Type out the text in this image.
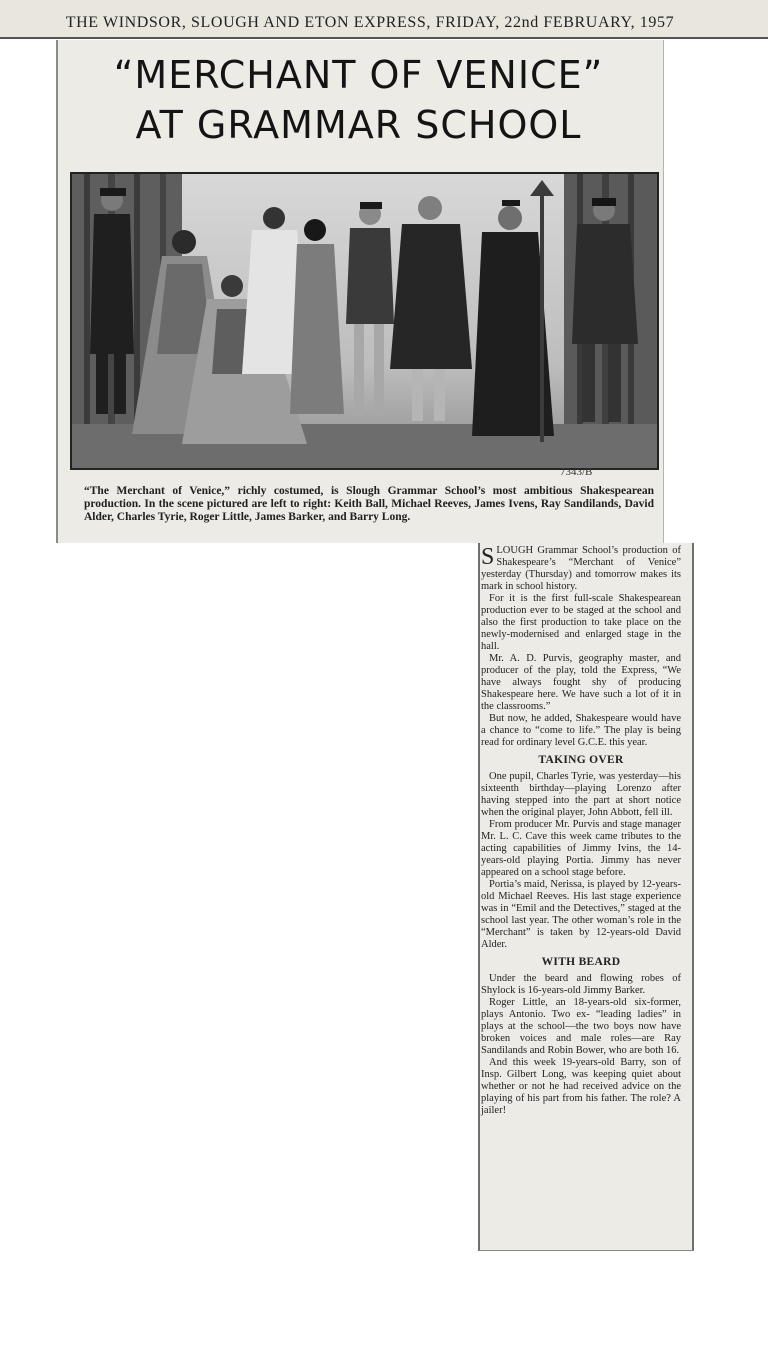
THE WINDSOR, SLOUGH AND ETON EXPRESS, FRIDAY, 22nd FEBRUARY, 1957
“MERCHANT OF VENICE”
AT GRAMMAR SCHOOL
7343/B
“The Merchant of Venice,” richly costumed, is Slough Grammar School’s most ambitious Shakespearean production. In the scene pictured are left to right: Keith Ball, Michael Reeves, James Ivens, Ray Sandilands, David Alder, Charles Tyrie, Roger Little, James Barker, and Barry Long.

SLOUGH Grammar School’s production of Shakespeare’s “Merchant of Venice” yesterday (Thursday) and tomorrow makes its mark in school history.

For it is the first full-scale Shakespearean production ever to be staged at the school and also the first production to take place on the newly-modernised and enlarged stage in the hall.

Mr. A. D. Purvis, geography master, and producer of the play, told the Express, “We have always fought shy of producing Shakespeare here. We have such a lot of it in the classrooms.”

But now, he added, Shakespeare would have a chance to “come to life.” The play is being read for ordinary level G.C.E. this year.

TAKING OVER

One pupil, Charles Tyrie, was yesterday—his sixteenth birthday—playing Lorenzo after having stepped into the part at short notice when the original player, John Abbott, fell ill.

From producer Mr. Purvis and stage manager Mr. L. C. Cave this week came tributes to the acting capabilities of Jimmy Ivins, the 14-years-old playing Portia. Jimmy has never appeared on a school stage before.

Portia’s maid, Nerissa, is played by 12-years-old Michael Reeves. His last stage experience was in “Emil and the Detectives,” staged at the school last year. The other woman’s role in the “Merchant” is taken by 12-years-old David Alder.

WITH BEARD

Under the beard and flowing robes of Shylock is 16-years-old Jimmy Barker.

Roger Little, an 18-years-old six-former, plays Antonio. Two ex- “leading ladies” in plays at the school—the two boys now have broken voices and male roles—are Ray Sandilands and Robin Bower, who are both 16.

And this week 19-years-old Barry, son of Insp. Gilbert Long, was keeping quiet about whether or not he had received advice on the playing of his part from his father. The role? A jailer!
